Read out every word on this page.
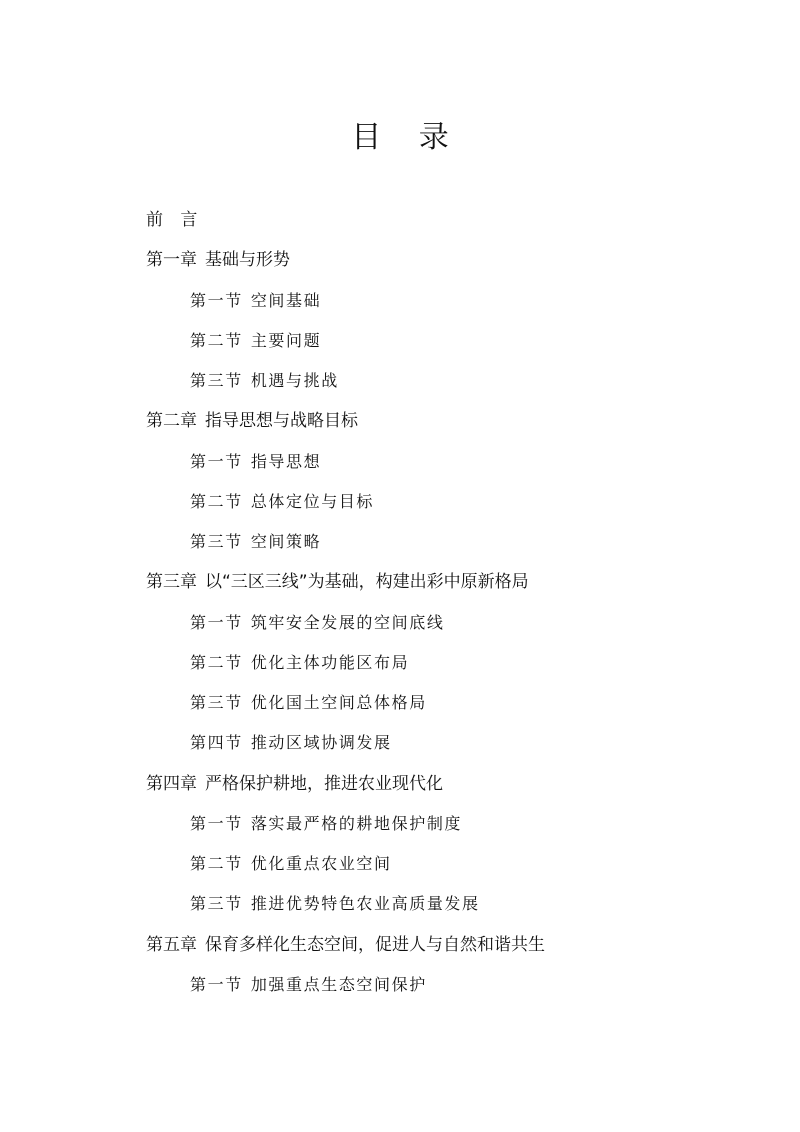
目 录
前 言
第一章 基础与形势
第一节 空间基础
第二节 主要问题
第三节 机遇与挑战
第二章 指导思想与战略目标
第一节 指导思想
第二节 总体定位与目标
第三节 空间策略
第三章 以“三区三线”为基础，构建出彩中原新格局
第一节 筑牢安全发展的空间底线
第二节 优化主体功能区布局
第三节 优化国土空间总体格局
第四节 推动区域协调发展
第四章 严格保护耕地，推进农业现代化
第一节 落实最严格的耕地保护制度
第二节 优化重点农业空间
第三节 推进优势特色农业高质量发展
第五章 保育多样化生态空间，促进人与自然和谐共生
第一节 加强重点生态空间保护
